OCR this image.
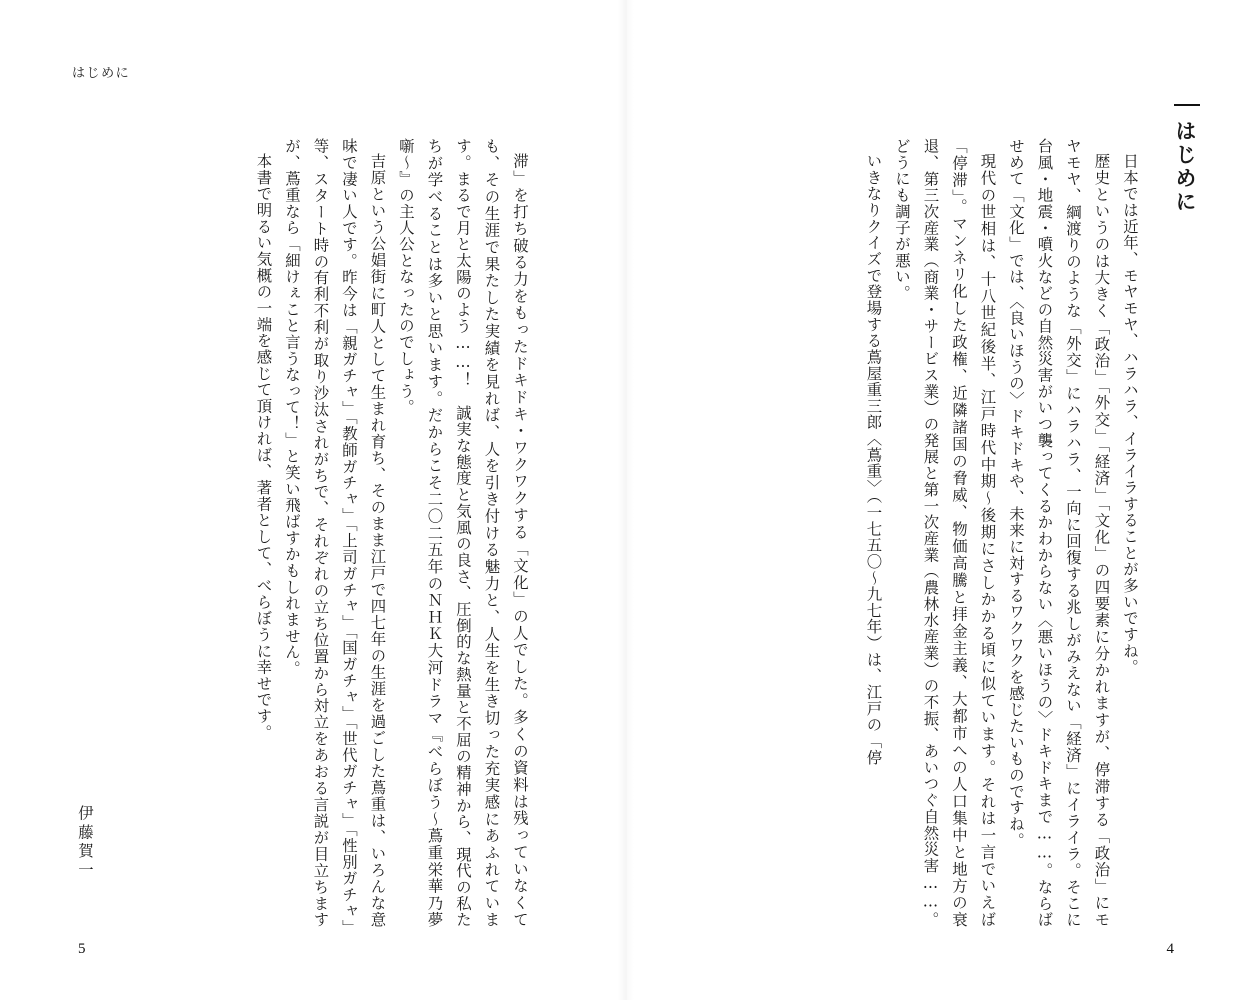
はじめに

日本では近年、モヤモヤ、ハラハラ、イライラすることが多いですね。

歴史というのは大きく「政治」「外交」「経済」「文化」の四要素に分かれますが、停滞する「政治」にモヤモヤ、綱渡りのような「外交」にハラハラ、一向に回復する兆しがみえない「経済」にイライラ。そこに台風・地震・噴火などの自然災害がいつ襲ってくるかわからない〈悪いほうの〉ドキドキまで……。ならばせめて「文化」では、〈良いほうの〉ドキドキや、未来に対するワクワクを感じたいものですね。

現代の世相は、十八世紀後半、江戸時代中期〜後期にさしかかる頃に似ています。それは一言でいえば「停滞」。マンネリ化した政権、近隣諸国の脅威、物価高騰と拝金主義、大都市への人口集中と地方の衰退、第三次産業（商業・サービス業）の発展と第一次産業（農林水産業）の不振、あいつぐ自然災害……。どうにも調子が悪い。

いきなりクイズで登場する蔦屋重三郎〈蔦重〉（一七五〇〜九七年）は、江戸の「停

4
はじめに

滞」を打ち破る力をもったドキドキ・ワクワクする「文化」の人でした。多くの資料は残っていなくても、その生涯で果たした実績を見れば、人を引き付ける魅力と、人生を生き切った充実感にあふれています。まるで月と太陽のよう……！　誠実な態度と気風の良さ、圧倒的な熱量と不屈の精神から、現代の私たちが学べることは多いと思います。だからこそ二〇二五年のＮＨＫ大河ドラマ『べらぼう〜蔦重栄華乃夢噺〜』の主人公となったのでしょう。

吉原という公娼街に町人として生まれ育ち、そのまま江戸で四七年の生涯を過ごした蔦重は、いろんな意味で凄い人です。昨今は「親ガチャ」「教師ガチャ」「上司ガチャ」「国ガチャ」「世代ガチャ」「性別ガチャ」等、スタート時の有利不利が取り沙汰されがちで、それぞれの立ち位置から対立をあおる言説が目立ちますが、蔦重なら「細けぇこと言うなって！」と笑い飛ばすかもしれません。

本書で明るい気概の一端を感じて頂ければ、著者として、べらぼうに幸せです。

伊藤賀一
5
